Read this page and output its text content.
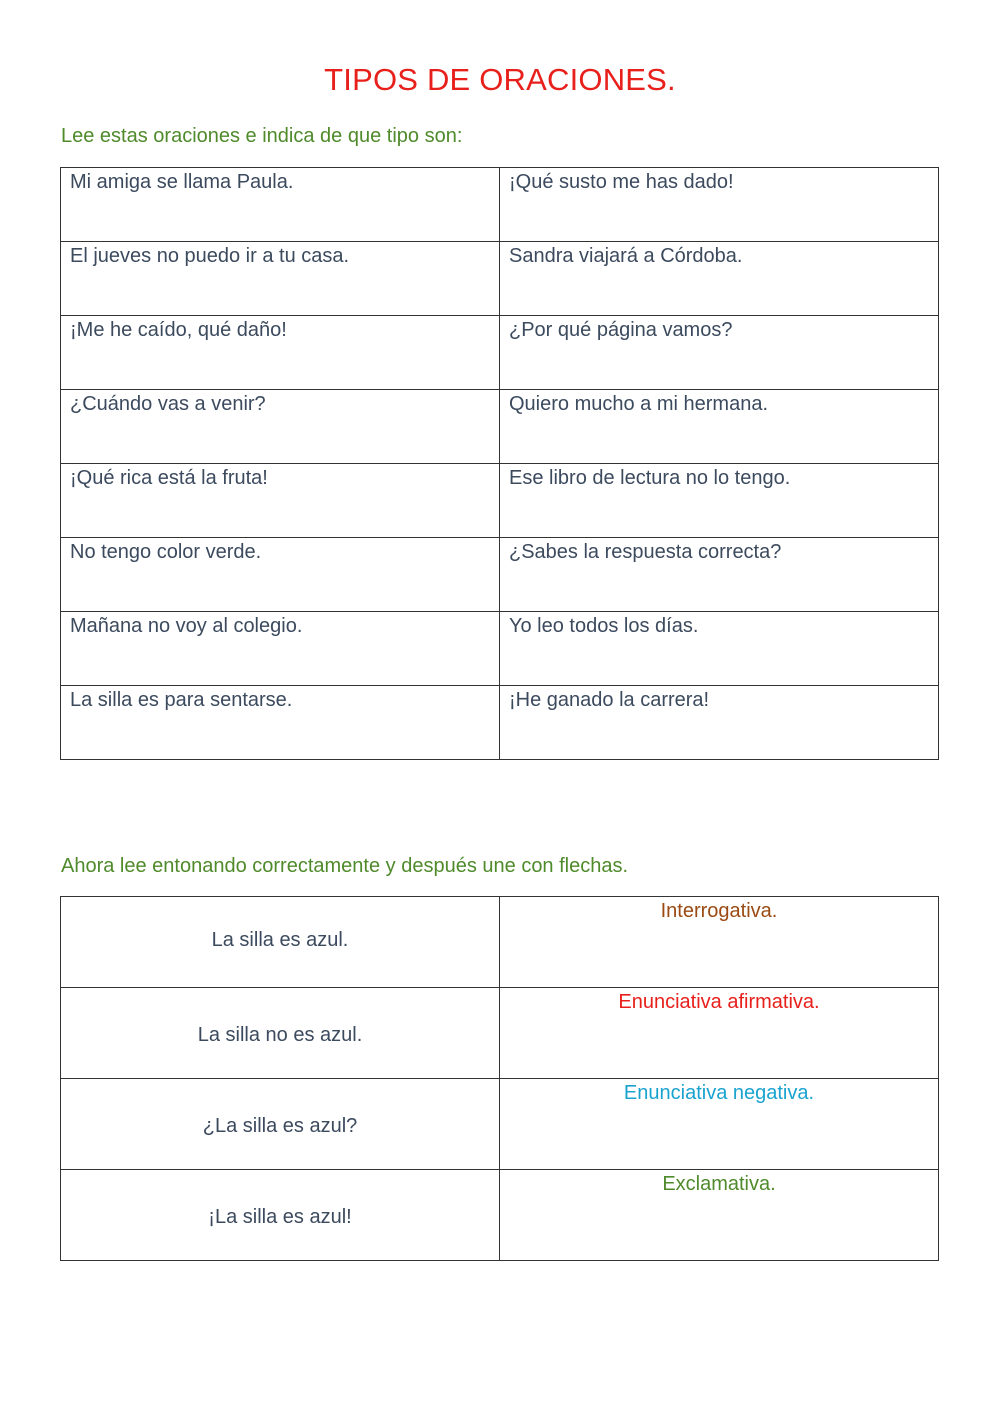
TIPOS DE ORACIONES.
Lee estas oraciones e indica de que tipo son:
Mi amiga se llama Paula.	¡Qué susto me has dado!
El jueves no puedo ir a tu casa.	Sandra viajará a Córdoba.
¡Me he caído, qué daño!	¿Por qué página vamos?
¿Cuándo vas a venir?	Quiero mucho a mi hermana.
¡Qué rica está la fruta!	Ese libro de lectura no lo tengo.
No tengo color verde.	¿Sabes la respuesta correcta?
Mañana no voy al colegio.	Yo leo todos los días.
La silla es para sentarse.	¡He ganado la carrera!
Ahora lee entonando correctamente y después une con flechas.
La silla es azul.	Interrogativa.
La silla no es azul.	Enunciativa afirmativa.
¿La silla es azul?	Enunciativa negativa.
¡La silla es azul!	Exclamativa.
